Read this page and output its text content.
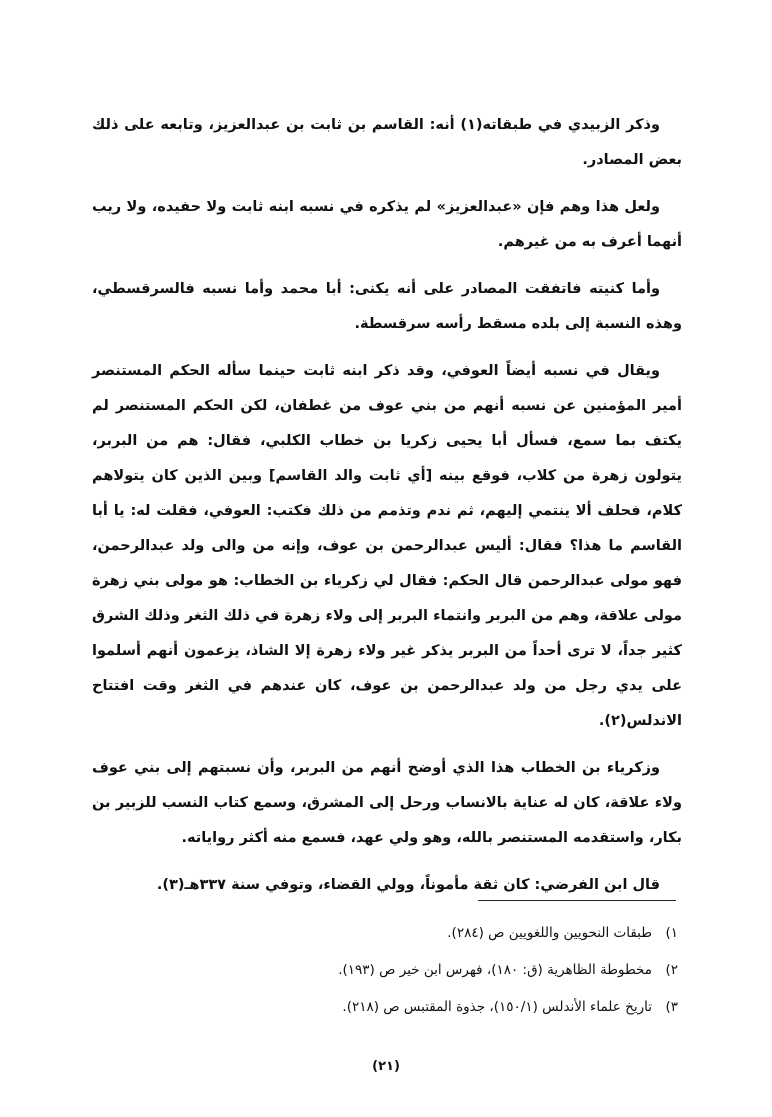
وذكر الزبيدي في طبقاته(١) أنه: القاسم بن ثابت بن عبدالعزيز، وتابعه على ذلك بعض المصادر.

ولعل هذا وهم فإن «عبدالعزيز» لم يذكره في نسبه ابنه ثابت ولا حفيده، ولا ريب أنهما أعرف به من غيرهم.

وأما كنيته فاتفقت المصادر على أنه يكنى: أبا محمد وأما نسبه فالسرقسطي، وهذه النسبة إلى بلده مسقط رأسه سرقسطة.

ويقال في نسبه أيضاً العوفي، وقد ذكر ابنه ثابت حينما سأله الحكم المستنصر أمير المؤمنين عن نسبه أنهم من بني عوف من غطفان، لكن الحكم المستنصر لم يكتف بما سمع، فسأل أبا يحيى زكريا بن خطاب الكلبي، فقال: هم من البربر، يتولون زهرة من كلاب، فوقع بينه [أي ثابت والد القاسم] وبين الذين كان يتولاهم كلام، فحلف ألا ينتمي إليهم، ثم ندم وتذمم من ذلك فكتب: العوفي، فقلت له: يا أبا القاسم ما هذا؟ فقال: أليس عبدالرحمن بن عوف، وإنه من والى ولد عبدالرحمن، فهو مولى عبدالرحمن قال الحكم: فقال لي زكرياء بن الخطاب: هو مولى بني زهرة مولى علاقة، وهم من البربر وانتماء البربر إلى ولاء زهرة في ذلك الثغر وذلك الشرق كثير جداً، لا ترى أحداً من البربر يذكر غير ولاء زهرة إلا الشاذ، يزعمون أنهم أسلموا على يدي رجل من ولد عبدالرحمن بن عوف، كان عندهم في الثغر وقت افتتاح الاندلس(٢).

وزكرياء بن الخطاب هذا الذي أوضح أنهم من البربر، وأن نسبتهم إلى بني عوف ولاء علاقة، كان له عناية بالانساب ورحل إلى المشرق، وسمع كتاب النسب للزبير بن بكار، واستقدمه المستنصر بالله، وهو ولي عهد، فسمع منه أكثر رواياته.

قال ابن الفرضي: كان ثقة مأموناً، وولي القضاء، وتوفي سنة ٣٣٧هـ(٣).

١)
طبقات النحويين واللغويين ص (٢٨٤).
٢)
مخطوطة الظاهرية (ق: ١٨٠)، فهرس ابن خير ص (١٩٣).
٣)
تاريخ علماء الأندلس (١٥٠/١)، جذوة المقتبس ص (٢١٨).
(٢١)
